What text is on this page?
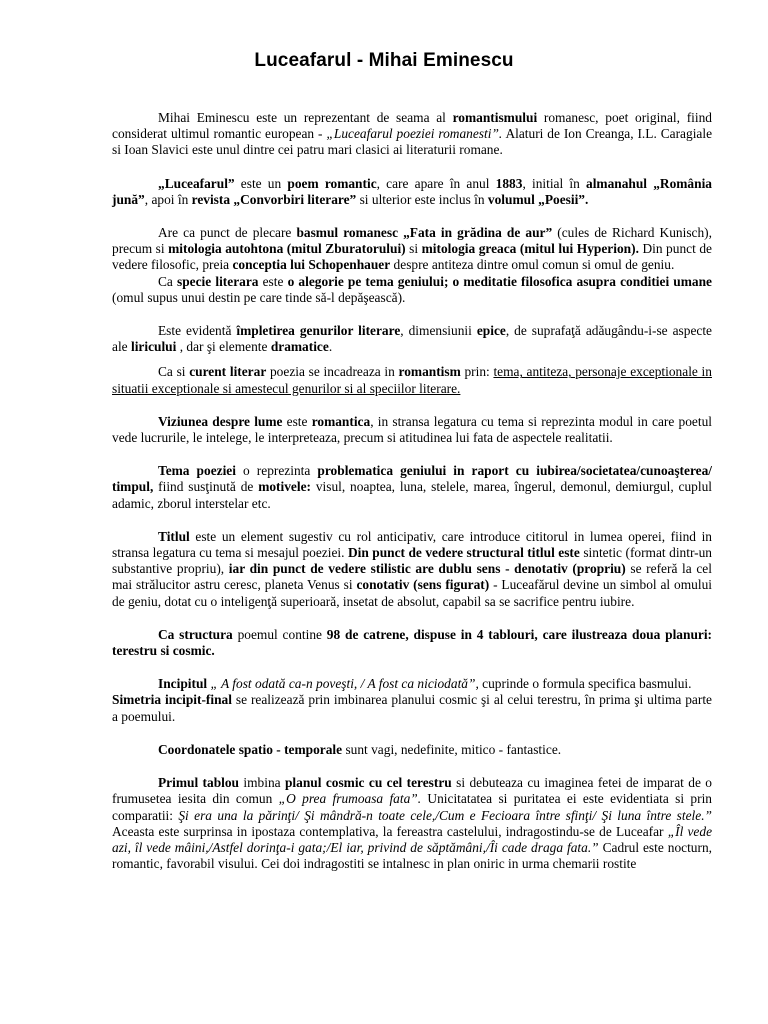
Luceafarul - Mihai Eminescu

Mihai Eminescu este un reprezentant de seama al romantismului romanesc, poet original, fiind considerat ultimul romantic european - „Luceafarul poeziei romanesti”. Alaturi de Ion Creanga, I.L. Caragiale si Ioan Slavici este unul dintre cei patru mari clasici ai literaturii romane.

„Luceafarul” este un poem romantic, care apare în anul 1883, initial în almanahul „România jună”, apoi în revista „Convorbiri literare” si ulterior este inclus în volumul „Poesii”.

Are ca punct de plecare basmul romanesc „Fata in grădina de aur” (cules de Richard Kunisch), precum si mitologia autohtona (mitul Zburatorului) si mitologia greaca (mitul lui Hyperion). Din punct de vedere filosofic, preia conceptia lui Schopenhauer despre antiteza dintre omul comun si omul de geniu.

Ca specie literara este o alegorie pe tema geniului; o meditatie filosofica asupra conditiei umane (omul supus unui destin pe care tinde să-l depăşească).

Este evidentă împletirea genurilor literare, dimensiunii epice, de suprafaţă adăugându-i-se aspecte ale liricului , dar şi elemente dramatice.

Ca si curent literar poezia se incadreaza in romantism prin: tema, antiteza, personaje exceptionale in situatii exceptionale si amestecul genurilor si al speciilor literare.

Viziunea despre lume este romantica, in stransa legatura cu tema si reprezinta modul in care poetul vede lucrurile, le intelege, le interpreteaza, precum si atitudinea lui fata de aspectele realitatii.

Tema poeziei o reprezinta problematica geniului in raport cu iubirea/societatea/cunoaşterea/ timpul, fiind susţinută de motivele: visul, noaptea, luna, stelele, marea, îngerul, demonul, demiurgul, cuplul adamic, zborul interstelar etc.

Titlul este un element sugestiv cu rol anticipativ, care introduce cititorul in lumea operei, fiind in stransa legatura cu tema si mesajul poeziei. Din punct de vedere structural titlul este sintetic (format dintr-un substantive propriu), iar din punct de vedere stilistic are dublu sens - denotativ (propriu) se referă la cel mai strălucitor astru ceresc, planeta Venus si conotativ (sens figurat) - Luceafărul devine un simbol al omului de geniu, dotat cu o inteligenţă superioară, insetat de absolut, capabil sa se sacrifice pentru iubire.

Ca structura poemul contine 98 de catrene, dispuse in 4 tablouri, care ilustreaza doua planuri: terestru si cosmic.

Incipitul „ A fost odată ca-n poveşti, / A fost ca niciodată”, cuprinde o formula specifica basmului.
Simetria incipit-final se realizează prin imbinarea planului cosmic şi al celui terestru, în prima şi ultima parte a poemului.

Coordonatele spatio - temporale sunt vagi, nedefinite, mitico - fantastice.

Primul tablou imbina planul cosmic cu cel terestru si debuteaza cu imaginea fetei de imparat de o frumusetea iesita din comun „O prea frumoasa fata”. Unicitatatea si puritatea ei este evidentiata si prin comparatii: Şi era una la părinţi/ Şi mândră-n toate cele,/Cum e Fecioara între sfinţi/ Şi luna între stele.” Aceasta este surprinsa in ipostaza contemplativa, la fereastra castelului, indragostindu-se de Luceafar „Îl vede azi, îl vede mâini,/Astfel dorinţa-i gata;/El iar, privind de săptămâni,/Îi cade draga fata.” Cadrul este nocturn, romantic, favorabil visului. Cei doi indragostiti se intalnesc in plan oniric in urma chemarii rostite
